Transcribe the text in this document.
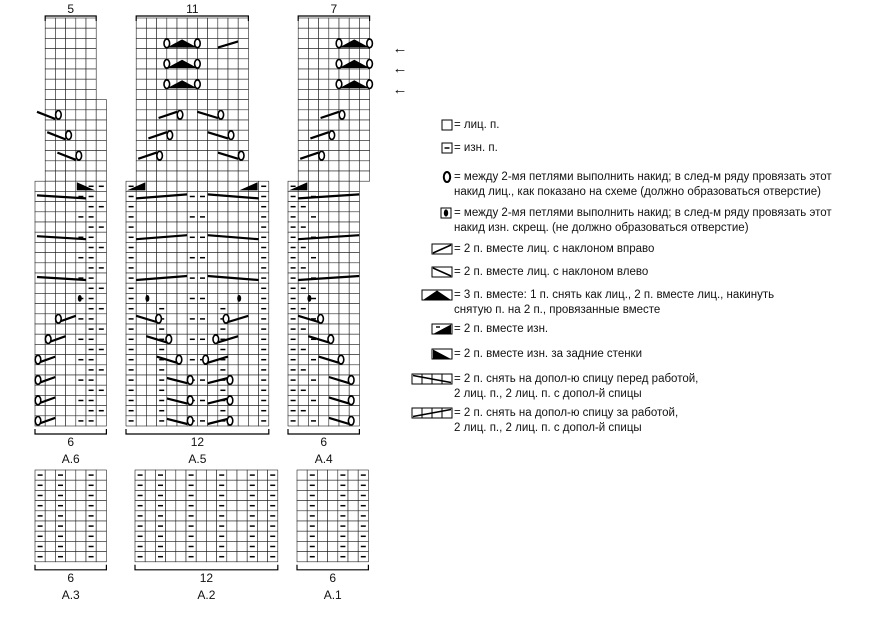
5
6
A.6
11
12
A.5
7
6
A.4
←
←
←
6
A.3
12
A.2
6
A.1
= лиц. п.
= изн. п.
= между 2-мя петлями выполнить накид; в след-м ряду провязать этот
накид лиц., как показано на схеме (должно образоваться отверстие)
= между 2-мя петлями выполнить накид; в след-м ряду провязать этот
накид изн. скрещ. (не должно образоваться отверстие)
= 2 п. вместе лиц. с наклоном вправо
= 2 п. вместе лиц. с наклоном влево
= 3 п. вместе: 1 п. снять как лиц., 2 п. вместе лиц., накинуть
снятую п. на 2 п., провязанные вместе
= 2 п. вместе изн.
= 2 п. вместе изн. за задние стенки
= 2 п. снять на допол-ю спицу перед работой,
2 лиц. п., 2 лиц. п. с допол-й спицы
= 2 п. снять на допол-ю спицу за работой,
2 лиц. п., 2 лиц. п. с допол-й спицы
